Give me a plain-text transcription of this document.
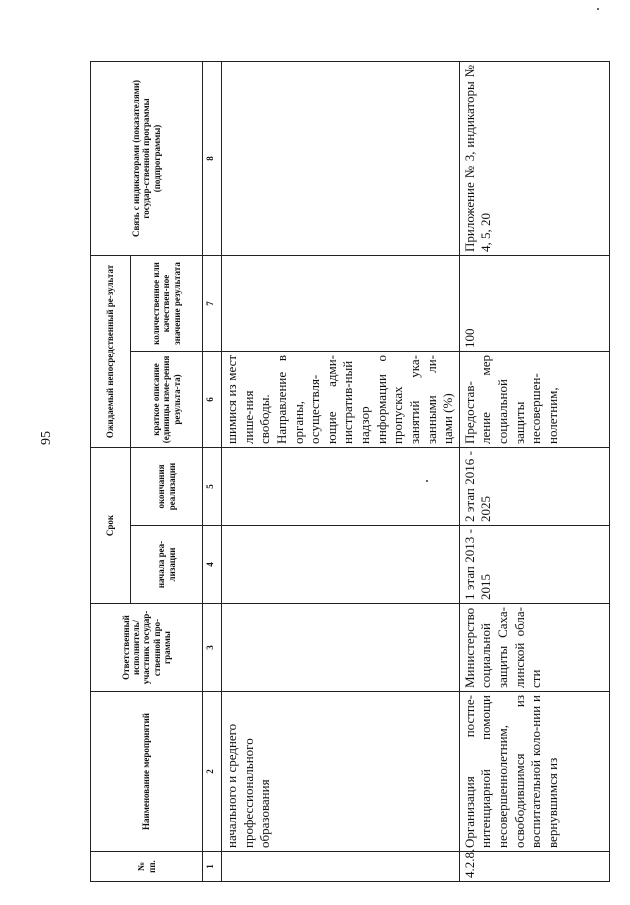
95
№ пп.	Наименование мероприятий	Ответственный исполнитель/ участник государ-ственной про-граммы	Срок		Ожидаемый непосредственный ре-зультат		Связь с индикаторами (показателями) государ-ственной программы (подпрограммы)
			начала реа-лизации	окончания реализации	краткое описание (единицы изме-рения результа-та)	количественное или качествен-ное значение результата	
1	2	3	4	5	6	7	8
	начального и среднего профессионального образования				шимися из мест лише-ния свободы. Направление в органы, осуществля-ющие адми-нистратив-ный надзор информации о пропусках занятий ука-занными ли-цами (%)		
4.2.8.	Организация постпе-нитенциарной помощи несовершеннолетним, освободившимся из воспитательной коло-нии и вернувшимся из	Министерство социальной защиты Саха-линской обла-сти	1 этап 2013 - 2015	2 этап 2016 - 2025	Предостав-ление мер социальной защиты несовершен-нолетним,	100	Приложение № 3, индикаторы № 4, 5, 20
